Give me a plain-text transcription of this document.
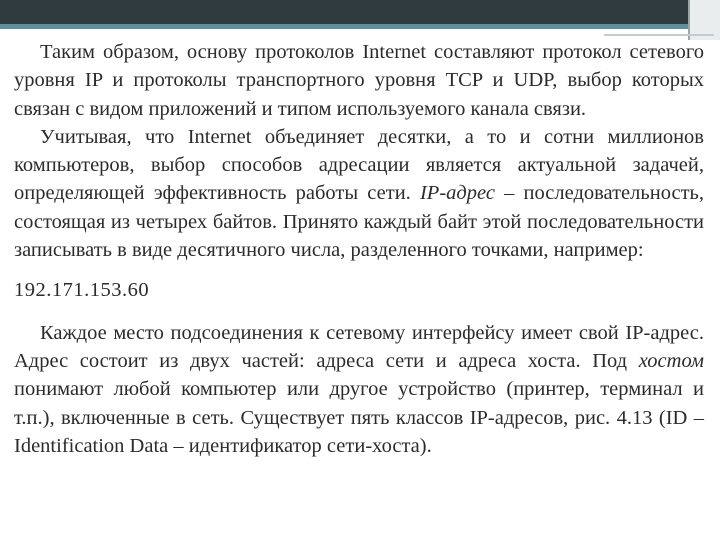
Таким образом, основу протоколов Internet составляют протокол сетевого уровня IP и протоколы транспортного уровня TCP и UDP, выбор которых связан с видом приложений и типом используемого канала связи.

Учитывая, что Internet объединяет десятки, а то и сотни миллионов компьютеров, выбор способов адресации является актуальной задачей, определяющей эффективность работы сети. IP-адрес – последовательность, состоящая из четырех байтов. Принято каждый байт этой последовательности записывать в виде десятичного числа, разделенного точками, например:

192.171.153.60

Каждое место подсоединения к сетевому интерфейсу имеет свой IP-адрес. Адрес состоит из двух частей: адреса сети и адреса хоста. Под хостом понимают любой компьютер или другое устройство (принтер, терминал и т.п.), включенные в сеть. Существует пять классов IP-адресов, рис. 4.13 (ID – Identification Data – идентификатор сети-хоста).
